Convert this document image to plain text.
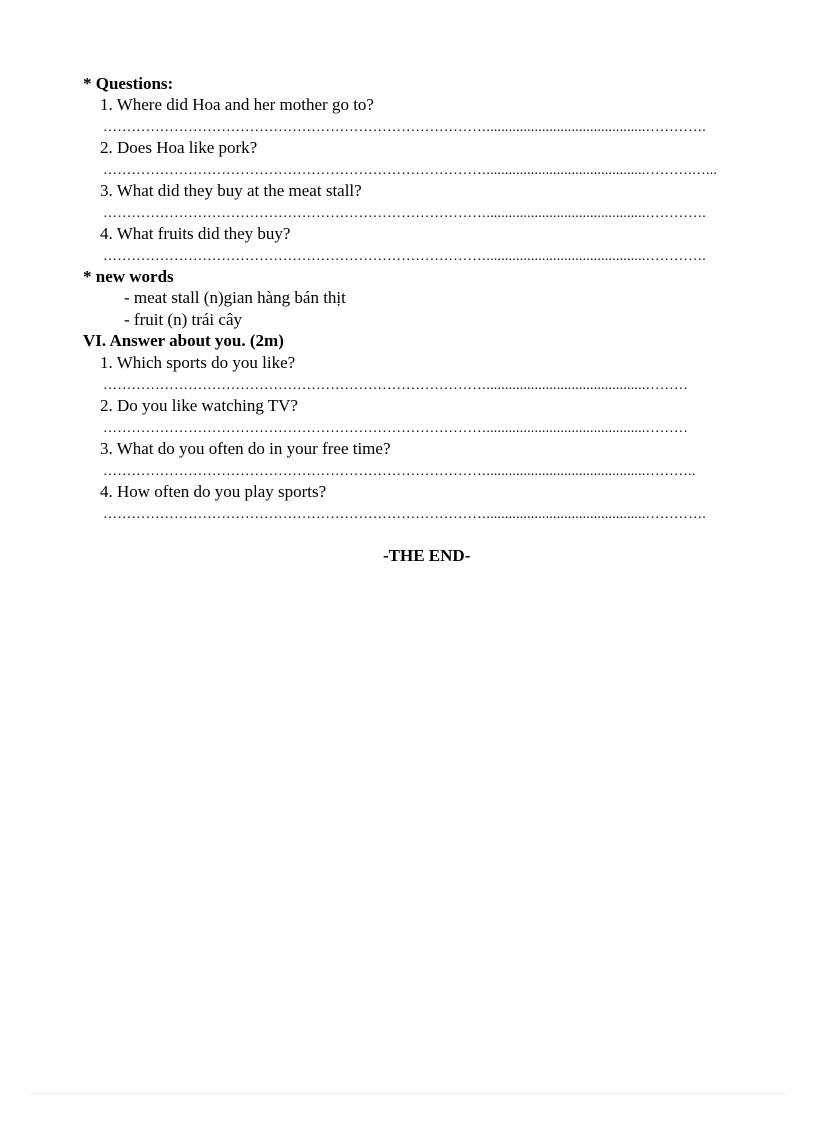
* Questions:
1. Where did Hoa and her mother go to?
………………………………………………………………………...........................................………….
2. Does Hoa like pork?
………………………………………………………………………...........................................……….…...
3. What did they buy at the meat stall?
………………………………………………………………………...........................................………….
4. What fruits did they buy?
………………………………………………………………………...........................................………….
* new words
- meat stall (n)gian hàng bán thịt
- fruit (n) trái cây
VI. Answer about you. (2m)
1. Which sports do you like?
………………………………………………………………………...........................................………
2. Do you like watching TV?
………………………………………………………………………...........................................………
3. What do you often do in your free time?
………………………………………………………………………...........................................………..
4. How often do you play sports?
………………………………………………………………………...........................................………….
-THE END-
